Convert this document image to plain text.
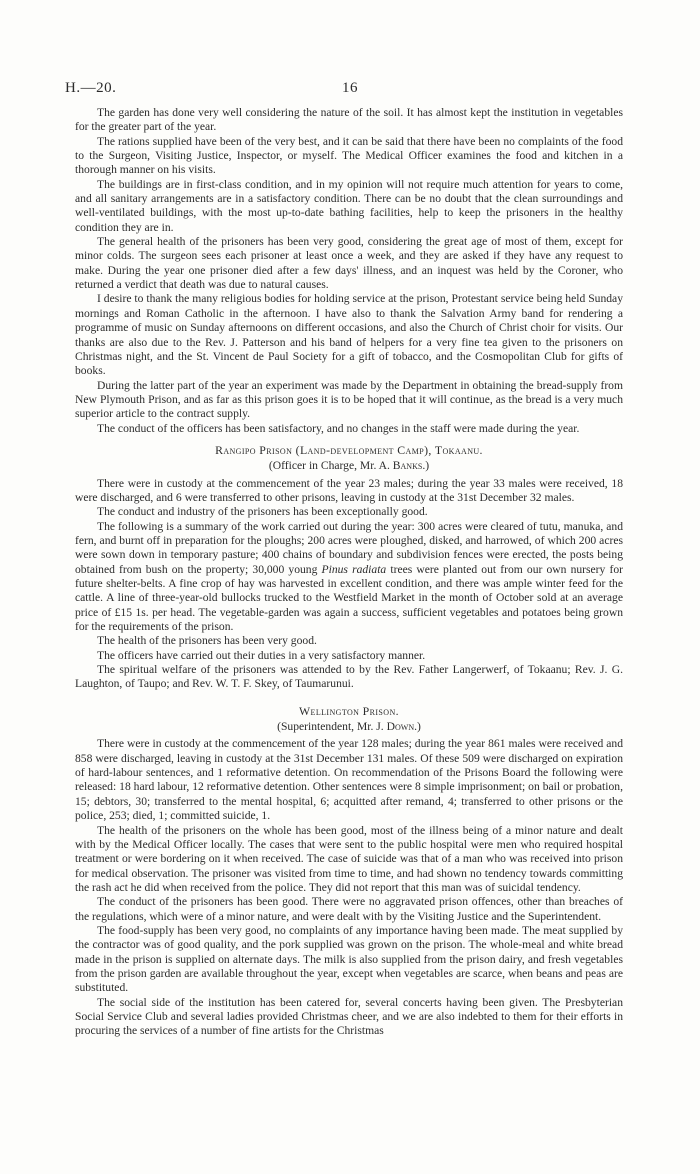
H.—20.	16

The garden has done very well considering the nature of the soil. It has almost kept the institution in vegetables for the greater part of the year.

The rations supplied have been of the very best, and it can be said that there have been no complaints of the food to the Surgeon, Visiting Justice, Inspector, or myself. The Medical Officer examines the food and kitchen in a thorough manner on his visits.

The buildings are in first-class condition, and in my opinion will not require much attention for years to come, and all sanitary arrangements are in a satisfactory condition. There can be no doubt that the clean surroundings and well-ventilated buildings, with the most up-to-date bathing facilities, help to keep the prisoners in the healthy condition they are in.

The general health of the prisoners has been very good, considering the great age of most of them, except for minor colds. The surgeon sees each prisoner at least once a week, and they are asked if they have any request to make. During the year one prisoner died after a few days' illness, and an inquest was held by the Coroner, who returned a verdict that death was due to natural causes.

I desire to thank the many religious bodies for holding service at the prison, Protestant service being held Sunday mornings and Roman Catholic in the afternoon. I have also to thank the Salvation Army band for rendering a programme of music on Sunday afternoons on different occasions, and also the Church of Christ choir for visits. Our thanks are also due to the Rev. J. Patterson and his band of helpers for a very fine tea given to the prisoners on Christmas night, and the St. Vincent de Paul Society for a gift of tobacco, and the Cosmopolitan Club for gifts of books.

During the latter part of the year an experiment was made by the Department in obtaining the bread-supply from New Plymouth Prison, and as far as this prison goes it is to be hoped that it will continue, as the bread is a very much superior article to the contract supply.

The conduct of the officers has been satisfactory, and no changes in the staff were made during the year.

Rangipo Prison (Land-development Camp), Tokaanu.
(Officer in Charge, Mr. A. Banks.)

There were in custody at the commencement of the year 23 males; during the year 33 males were received, 18 were discharged, and 6 were transferred to other prisons, leaving in custody at the 31st December 32 males.

The conduct and industry of the prisoners has been exceptionally good.

The following is a summary of the work carried out during the year: 300 acres were cleared of tutu, manuka, and fern, and burnt off in preparation for the ploughs; 200 acres were ploughed, disked, and harrowed, of which 200 acres were sown down in temporary pasture; 400 chains of boundary and subdivision fences were erected, the posts being obtained from bush on the property; 30,000 young Pinus radiata trees were planted out from our own nursery for future shelter-belts. A fine crop of hay was harvested in excellent condition, and there was ample winter feed for the cattle. A line of three-year-old bullocks trucked to the Westfield Market in the month of October sold at an average price of £15 1s. per head. The vegetable-garden was again a success, sufficient vegetables and potatoes being grown for the requirements of the prison.

The health of the prisoners has been very good.

The officers have carried out their duties in a very satisfactory manner.

The spiritual welfare of the prisoners was attended to by the Rev. Father Langerwerf, of Tokaanu; Rev. J. G. Laughton, of Taupo; and Rev. W. T. F. Skey, of Taumarunui.

Wellington Prison.
(Superintendent, Mr. J. Down.)

There were in custody at the commencement of the year 128 males; during the year 861 males were received and 858 were discharged, leaving in custody at the 31st December 131 males. Of these 509 were discharged on expiration of hard-labour sentences, and 1 reformative detention. On recommendation of the Prisons Board the following were released: 18 hard labour, 12 reformative detention. Other sentences were 8 simple imprisonment; on bail or probation, 15; debtors, 30; transferred to the mental hospital, 6; acquitted after remand, 4; transferred to other prisons or the police, 253; died, 1; committed suicide, 1.

The health of the prisoners on the whole has been good, most of the illness being of a minor nature and dealt with by the Medical Officer locally. The cases that were sent to the public hospital were men who required hospital treatment or were bordering on it when received. The case of suicide was that of a man who was received into prison for medical observation. The prisoner was visited from time to time, and had shown no tendency towards committing the rash act he did when received from the police. They did not report that this man was of suicidal tendency.

The conduct of the prisoners has been good. There were no aggravated prison offences, other than breaches of the regulations, which were of a minor nature, and were dealt with by the Visiting Justice and the Superintendent.

The food-supply has been very good, no complaints of any importance having been made. The meat supplied by the contractor was of good quality, and the pork supplied was grown on the prison. The whole-meal and white bread made in the prison is supplied on alternate days. The milk is also supplied from the prison dairy, and fresh vegetables from the prison garden are available throughout the year, except when vegetables are scarce, when beans and peas are substituted.

The social side of the institution has been catered for, several concerts having been given. The Presbyterian Social Service Club and several ladies provided Christmas cheer, and we are also indebted to them for their efforts in procuring the services of a number of fine artists for the Christmas
